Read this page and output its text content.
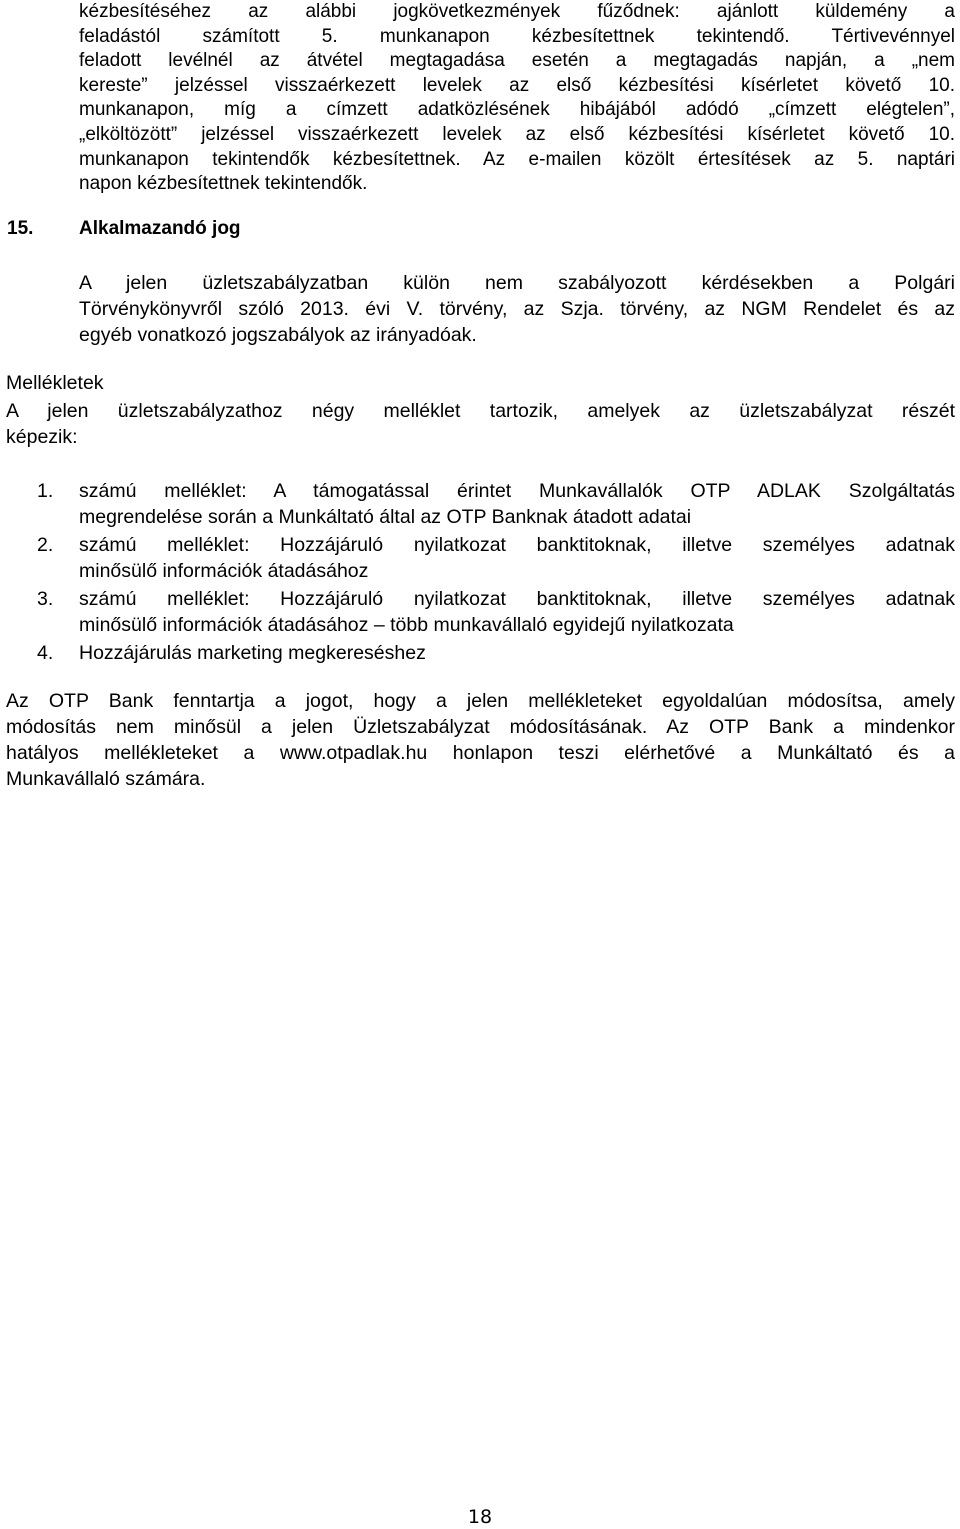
kézbesítéséhez az alábbi jogkövetkezmények fűződnek: ajánlott küldemény a
feladástól számított 5. munkanapon kézbesítettnek tekintendő. Tértivevénnyel
feladott levélnél az átvétel megtagadása esetén a megtagadás napján, a „nem
kereste” jelzéssel visszaérkezett levelek az első kézbesítési kísérletet követő 10.
munkanapon, míg a címzett adatközlésének hibájából adódó „címzett elégtelen”,
„elköltözött” jelzéssel visszaérkezett levelek az első kézbesítési kísérletet követő 10.
munkanapon tekintendők kézbesítettnek. Az e-mailen közölt értesítések az 5. naptári
napon kézbesítettnek tekintendők.
15. Alkalmazandó jog
A jelen üzletszabályzatban külön nem szabályozott kérdésekben a Polgári
Törvénykönyvről szóló 2013. évi V. törvény, az Szja. törvény, az NGM Rendelet és az
egyéb vonatkozó jogszabályok az irányadóak.
Mellékletek
A jelen üzletszabályzathoz négy melléklet tartozik, amelyek az üzletszabályzat részét
képezik:
1. számú melléklet: A támogatással érintet Munkavállalók OTP ADLAK Szolgáltatás
megrendelése során a Munkáltató által az OTP Banknak átadott adatai
2. számú melléklet: Hozzájáruló nyilatkozat banktitoknak, illetve személyes adatnak
minősülő információk átadásához
3. számú melléklet: Hozzájáruló nyilatkozat banktitoknak, illetve személyes adatnak
minősülő információk átadásához – több munkavállaló egyidejű nyilatkozata
4. Hozzájárulás marketing megkereséshez
Az OTP Bank fenntartja a jogot, hogy a jelen mellékleteket egyoldalúan módosítsa, amely
módosítás nem minősül a jelen Üzletszabályzat módosításának. Az OTP Bank a mindenkor
hatályos mellékleteket a www.otpadlak.hu honlapon teszi elérhetővé a Munkáltató és a
Munkavállaló számára.
18
